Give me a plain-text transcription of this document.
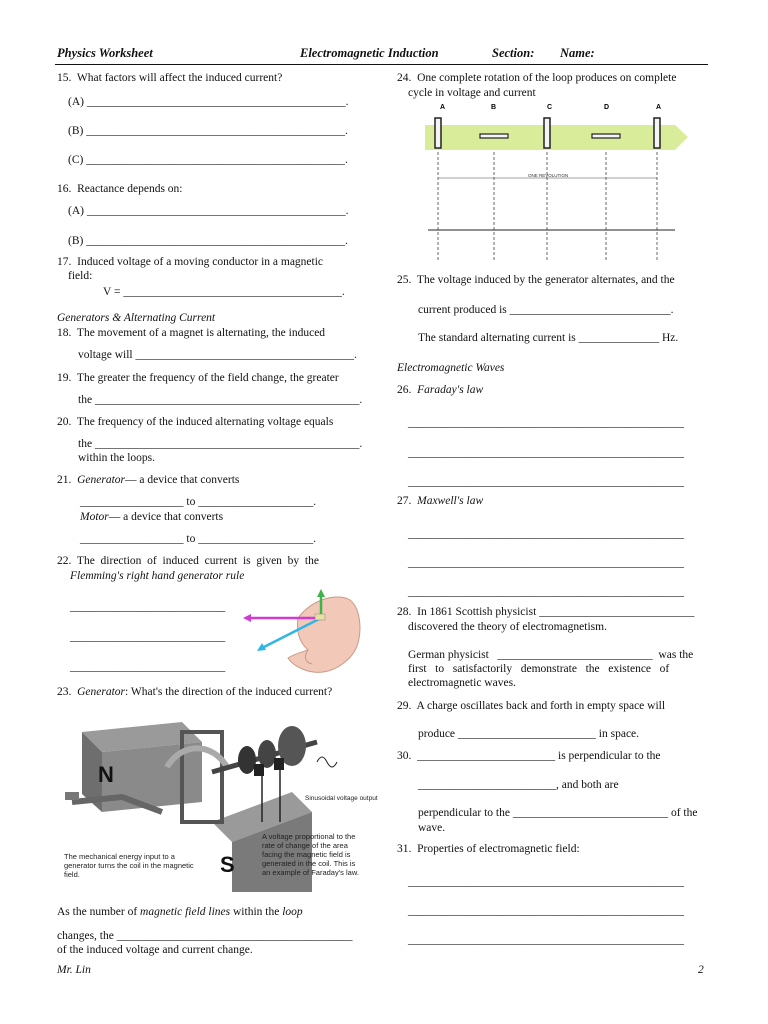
Physics Worksheet	Electromagnetic Induction	Section: Name:
15.  What factors will affect the induced current?
(A) _____________________________________________.
(B) _____________________________________________.
(C) _____________________________________________.
16.  Reactance depends on:
(A) _____________________________________________.
(B) _____________________________________________.
17.  Induced voltage of a moving conductor in a magnetic
field:
V = ______________________________________.
Generators & Alternating Current
18.  The movement of a magnet is alternating, the induced
voltage will ______________________________________.
19.  The greater the frequency of the field change, the greater
the ______________________________________________.
20.  The frequency of the induced alternating voltage equals
the ______________________________________________.
within the loops.
21.  Generator— a device that converts
__________________ to ____________________.
Motor— a device that converts
__________________ to ____________________.
22.  The  direction  of  induced  current  is  given  by  the
Flemming's right hand generator rule
___________________________
___________________________
___________________________
23.  Generator: What's the direction of the induced current?
N
S
Sinusoidal voltage output
The mechanical energy input to a generator turns the coil in the magnetic field.
A voltage proportional to the rate of change of the area facing the magnetic field is generated in the coil. This is an example of Faraday's law.
As the number of magnetic field lines within the loop
changes, the _________________________________________
of the induced voltage and current change.
Mr. Lin
24.  One complete rotation of the loop produces on complete
cycle in voltage and current
A	B	C	D	A
ONE REVOLUTION
25.  The voltage induced by the generator alternates, and the
current produced is ____________________________.
The standard alternating current is ______________ Hz.
Electromagnetic Waves
26.  Faraday's law
________________________________________________
________________________________________________
________________________________________________
27.  Maxwell's law
________________________________________________
________________________________________________
________________________________________________
28.  In 1861 Scottish physicist ___________________________
discovered the theory of electromagnetism.
German physicist   ___________________________  was the
first   to   satisfactorily   demonstrate   the   existence   of
electromagnetic waves.
29.  A charge oscillates back and forth in empty space will
produce ________________________ in space.
30.  ________________________ is perpendicular to the
________________________, and both are
perpendicular to the ___________________________ of the
wave.
31.  Properties of electromagnetic field:
________________________________________________
________________________________________________
________________________________________________
2
